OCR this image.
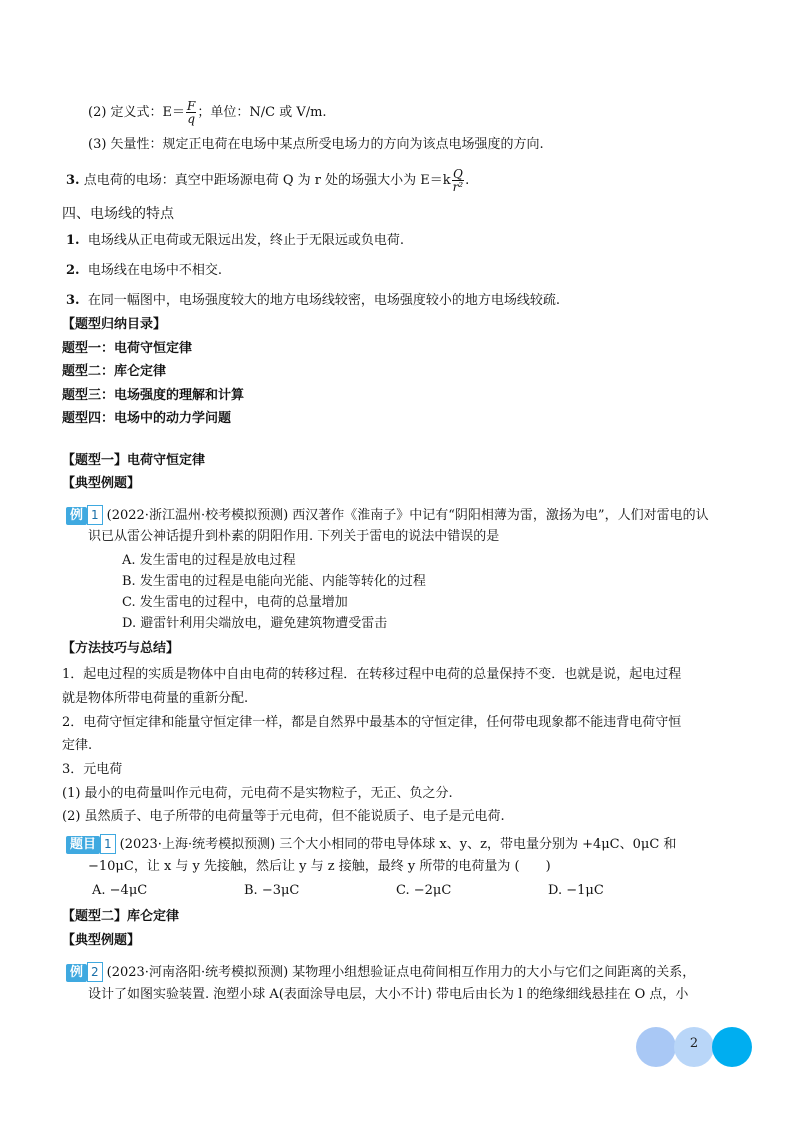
(2) 定义式：$E= \frac{F}{q}$ ；单位：N/C 或 V/m.
(3) 矢量性：规定正电荷在电场中某点所受电场力的方向为该点电场强度的方向.
3. 点电荷的电场：真空中距场源电荷 Q 为 r 处的场强大小为 $E=k \frac{Q}{\text{r²}}$ .
四、电场线的特点
1. 电场线从正电荷或无限远出发，终止于无限远或负电荷.
2. 电场线在电场中不相交.
3. 在同一幅图中，电场强度较大的地方电场线较密，电场强度较小的地方电场线较疏.
【题型归纳目录】
题型一：电荷守恒定律
题型二：库仑定律
题型三：电场强度的理解和计算
题型四：电场中的动力学问题
【题型一】电荷守恒定律
【典型例题】
例 1 (2022·浙江温州·校考模拟预测) 西汉著作《淮南子》中记有“阴阳相薄为雷，激扬为电”，人们对雷电的认
识已从雷公神话提升到朴素的阴阳作用. 下列关于雷电的说法中错误的是
A. 发生雷电的过程是放电过程
B. 发生雷电的过程是电能向光能、内能等转化的过程
C. 发生雷电的过程中，电荷的总量增加
D. 避雷针利用尖端放电，避免建筑物遭受雷击
【方法技巧与总结】
1．起电过程的实质是物体中自由电荷的转移过程．在转移过程中电荷的总量保持不变．也就是说，起电过程
就是物体所带电荷量的重新分配.
2．电荷守恒定律和能量守恒定律一样，都是自然界中最基本的守恒定律，任何带电现象都不能违背电荷守恒
定律.
3．元电荷
(1) 最小的电荷量叫作元电荷，元电荷不是实物粒子，无正、负之分.
(2) 虽然质子、电子所带的电荷量等于元电荷，但不能说质子、电子是元电荷.
题目 1 (2023·上海·统考模拟预测) 三个大小相同的带电导体球 x、y、z，带电量分别为 +4μC、0μC 和
−10μC，让 x 与 y 先接触，然后让 y 与 z 接触，最终 y 所带的电荷量为 (　　)
A. −4μC	B. −3μC	C. −2μC	D. −1μC
【题型二】库仑定律
【典型例题】
例 2 (2023·河南洛阳·统考模拟预测) 某物理小组想验证点电荷间相互作用力的大小与它们之间距离的关系，
设计了如图实验装置. 泡塑小球 A(表面涂导电层，大小不计) 带电后由长为 l 的绝缘细线悬挂在 O 点，小
2
